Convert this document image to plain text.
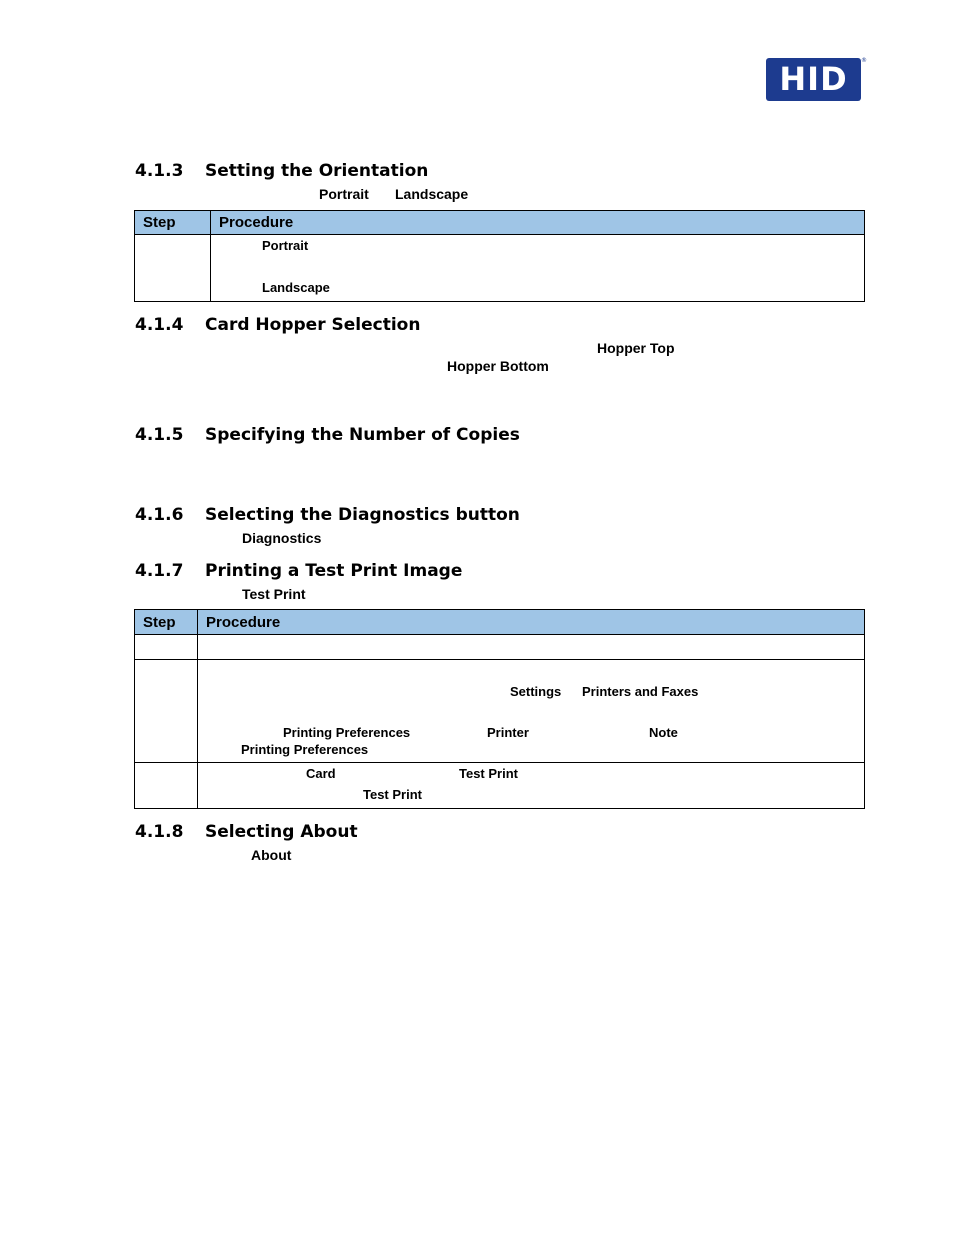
HID	®
4.1.3 Setting the Orientation
Portrait Landscape
Step	Procedure
Portrait
Landscape
4.1.4 Card Hopper Selection
Hopper Top
Hopper Bottom
4.1.5 Specifying the Number of Copies
4.1.6 Selecting the Diagnostics button
Diagnostics
4.1.7 Printing a Test Print Image
Test Print
Step Procedure
Settings Printers and Faxes
Printing Preferences	Printer	Note
Printing Preferences
Card	Test Print
Test Print
4.1.8 Selecting About
About
